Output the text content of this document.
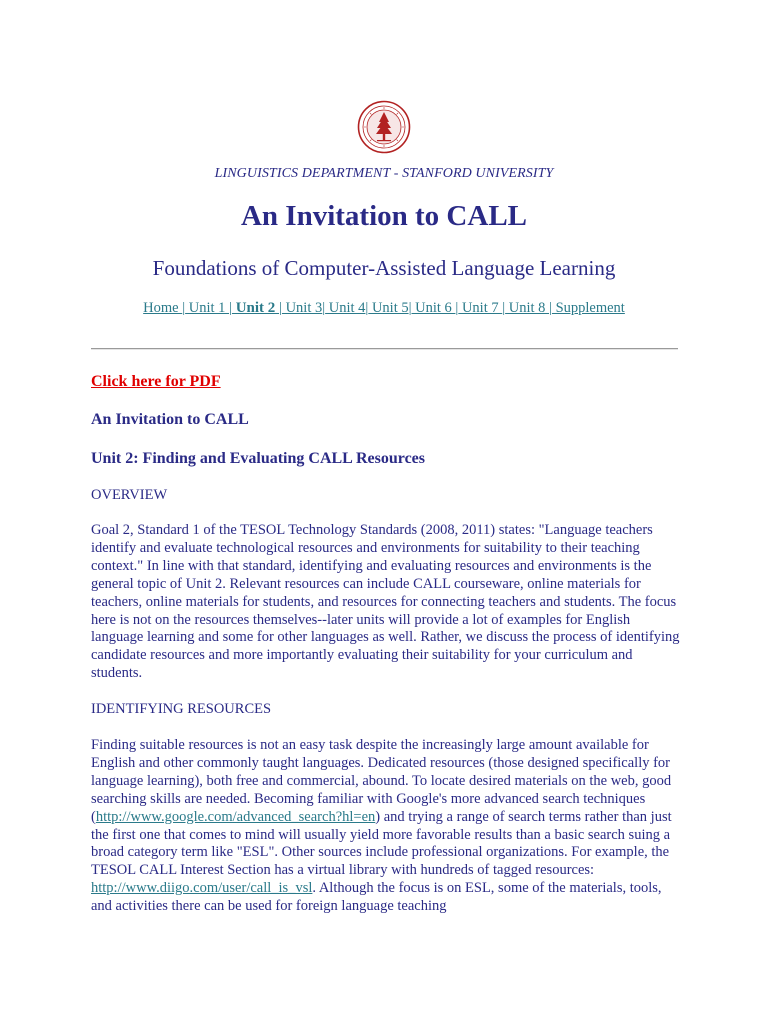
LINGUISTICS DEPARTMENT - STANFORD UNIVERSITY
An Invitation to CALL
Foundations of Computer-Assisted Language Learning
Home | Unit 1 | Unit 2 | Unit 3| Unit 4| Unit 5| Unit 6 | Unit 7 | Unit 8 | Supplement
Click here for PDF
An Invitation to CALL
Unit 2: Finding and Evaluating CALL Resources
OVERVIEW
Goal 2, Standard 1 of the TESOL Technology Standards (2008, 2011) states: "Language teachers identify and evaluate technological resources and environments for suitability to their teaching context." In line with that standard, identifying and evaluating resources and environments is the general topic of Unit 2. Relevant resources can include CALL courseware, online materials for teachers, online materials for students, and resources for connecting teachers and students. The focus here is not on the resources themselves--later units will provide a lot of examples for English language learning and some for other languages as well. Rather, we discuss the process of identifying candidate resources and more importantly evaluating their suitability for your curriculum and students.
IDENTIFYING RESOURCES
Finding suitable resources is not an easy task despite the increasingly large amount available for English and other commonly taught languages. Dedicated resources (those designed specifically for language learning), both free and commercial, abound. To locate desired materials on the web, good searching skills are needed. Becoming familiar with Google's more advanced search techniques (http://www.google.com/advanced_search?hl=en) and trying a range of search terms rather than just the first one that comes to mind will usually yield more favorable results than a basic search suing a broad category term like "ESL". Other sources include professional organizations. For example, the TESOL CALL Interest Section has a virtual library with hundreds of tagged resources: http://www.diigo.com/user/call_is_vsl. Although the focus is on ESL, some of the materials, tools, and activities there can be used for foreign language teaching
